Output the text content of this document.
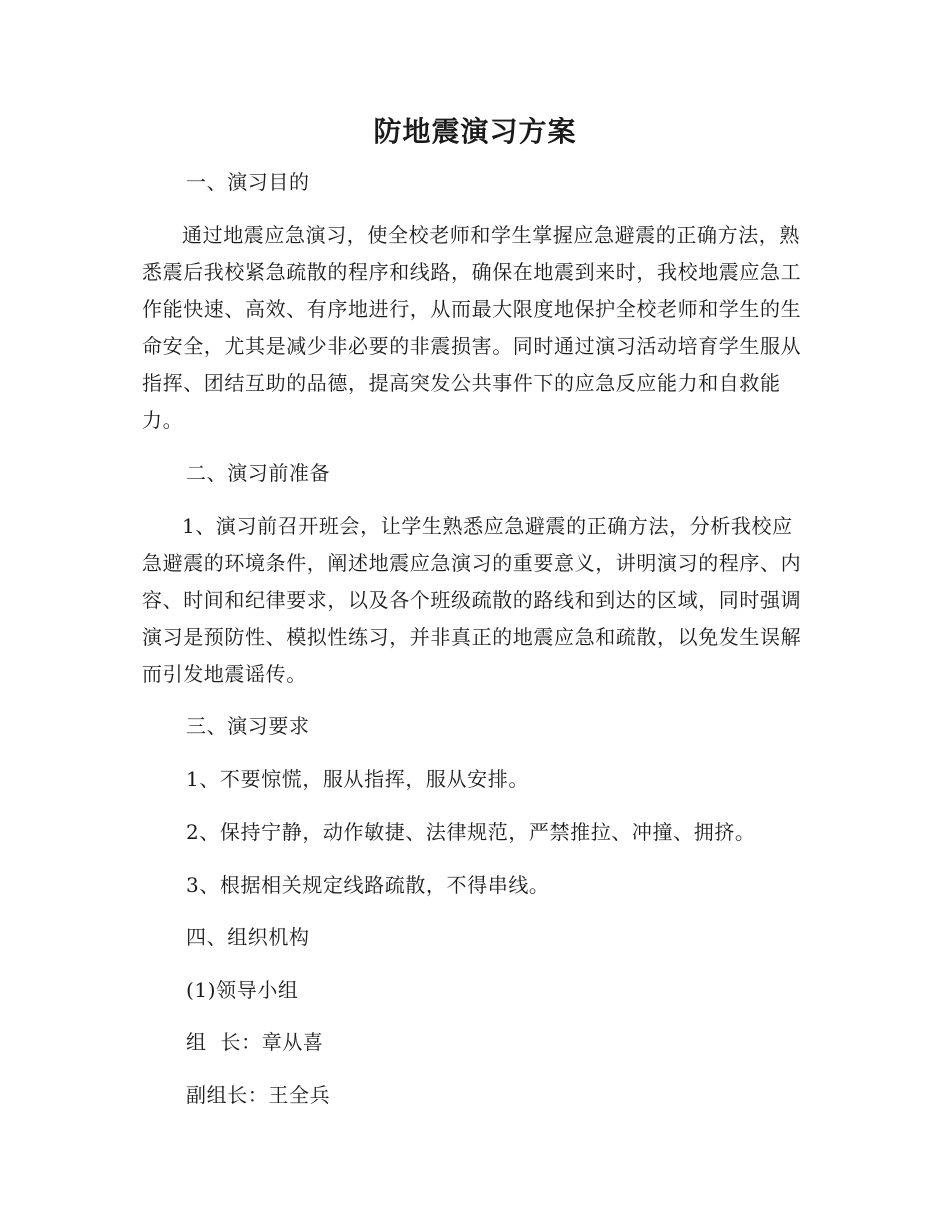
防地震演习方案

一、演习目的

通过地震应急演习，使全校老师和学生掌握应急避震的正确方法，熟悉震后我校紧急疏散的程序和线路，确保在地震到来时，我校地震应急工作能快速、高效、有序地进行，从而最大限度地保护全校老师和学生的生命安全，尤其是减少非必要的非震损害。同时通过演习活动培育学生服从指挥、团结互助的品德，提高突发公共事件下的应急反应能力和自救能力。

二、演习前准备

1、演习前召开班会，让学生熟悉应急避震的正确方法，分析我校应急避震的环境条件，阐述地震应急演习的重要意义，讲明演习的程序、内容、时间和纪律要求，以及各个班级疏散的路线和到达的区域，同时强调演习是预防性、模拟性练习，并非真正的地震应急和疏散，以免发生误解而引发地震谣传。

三、演习要求

1、不要惊慌，服从指挥，服从安排。

2、保持宁静，动作敏捷、法律规范，严禁推拉、冲撞、拥挤。

3、根据相关规定线路疏散，不得串线。

四、组织机构

(1)领导小组

组  长：章从喜

副组长：王全兵
